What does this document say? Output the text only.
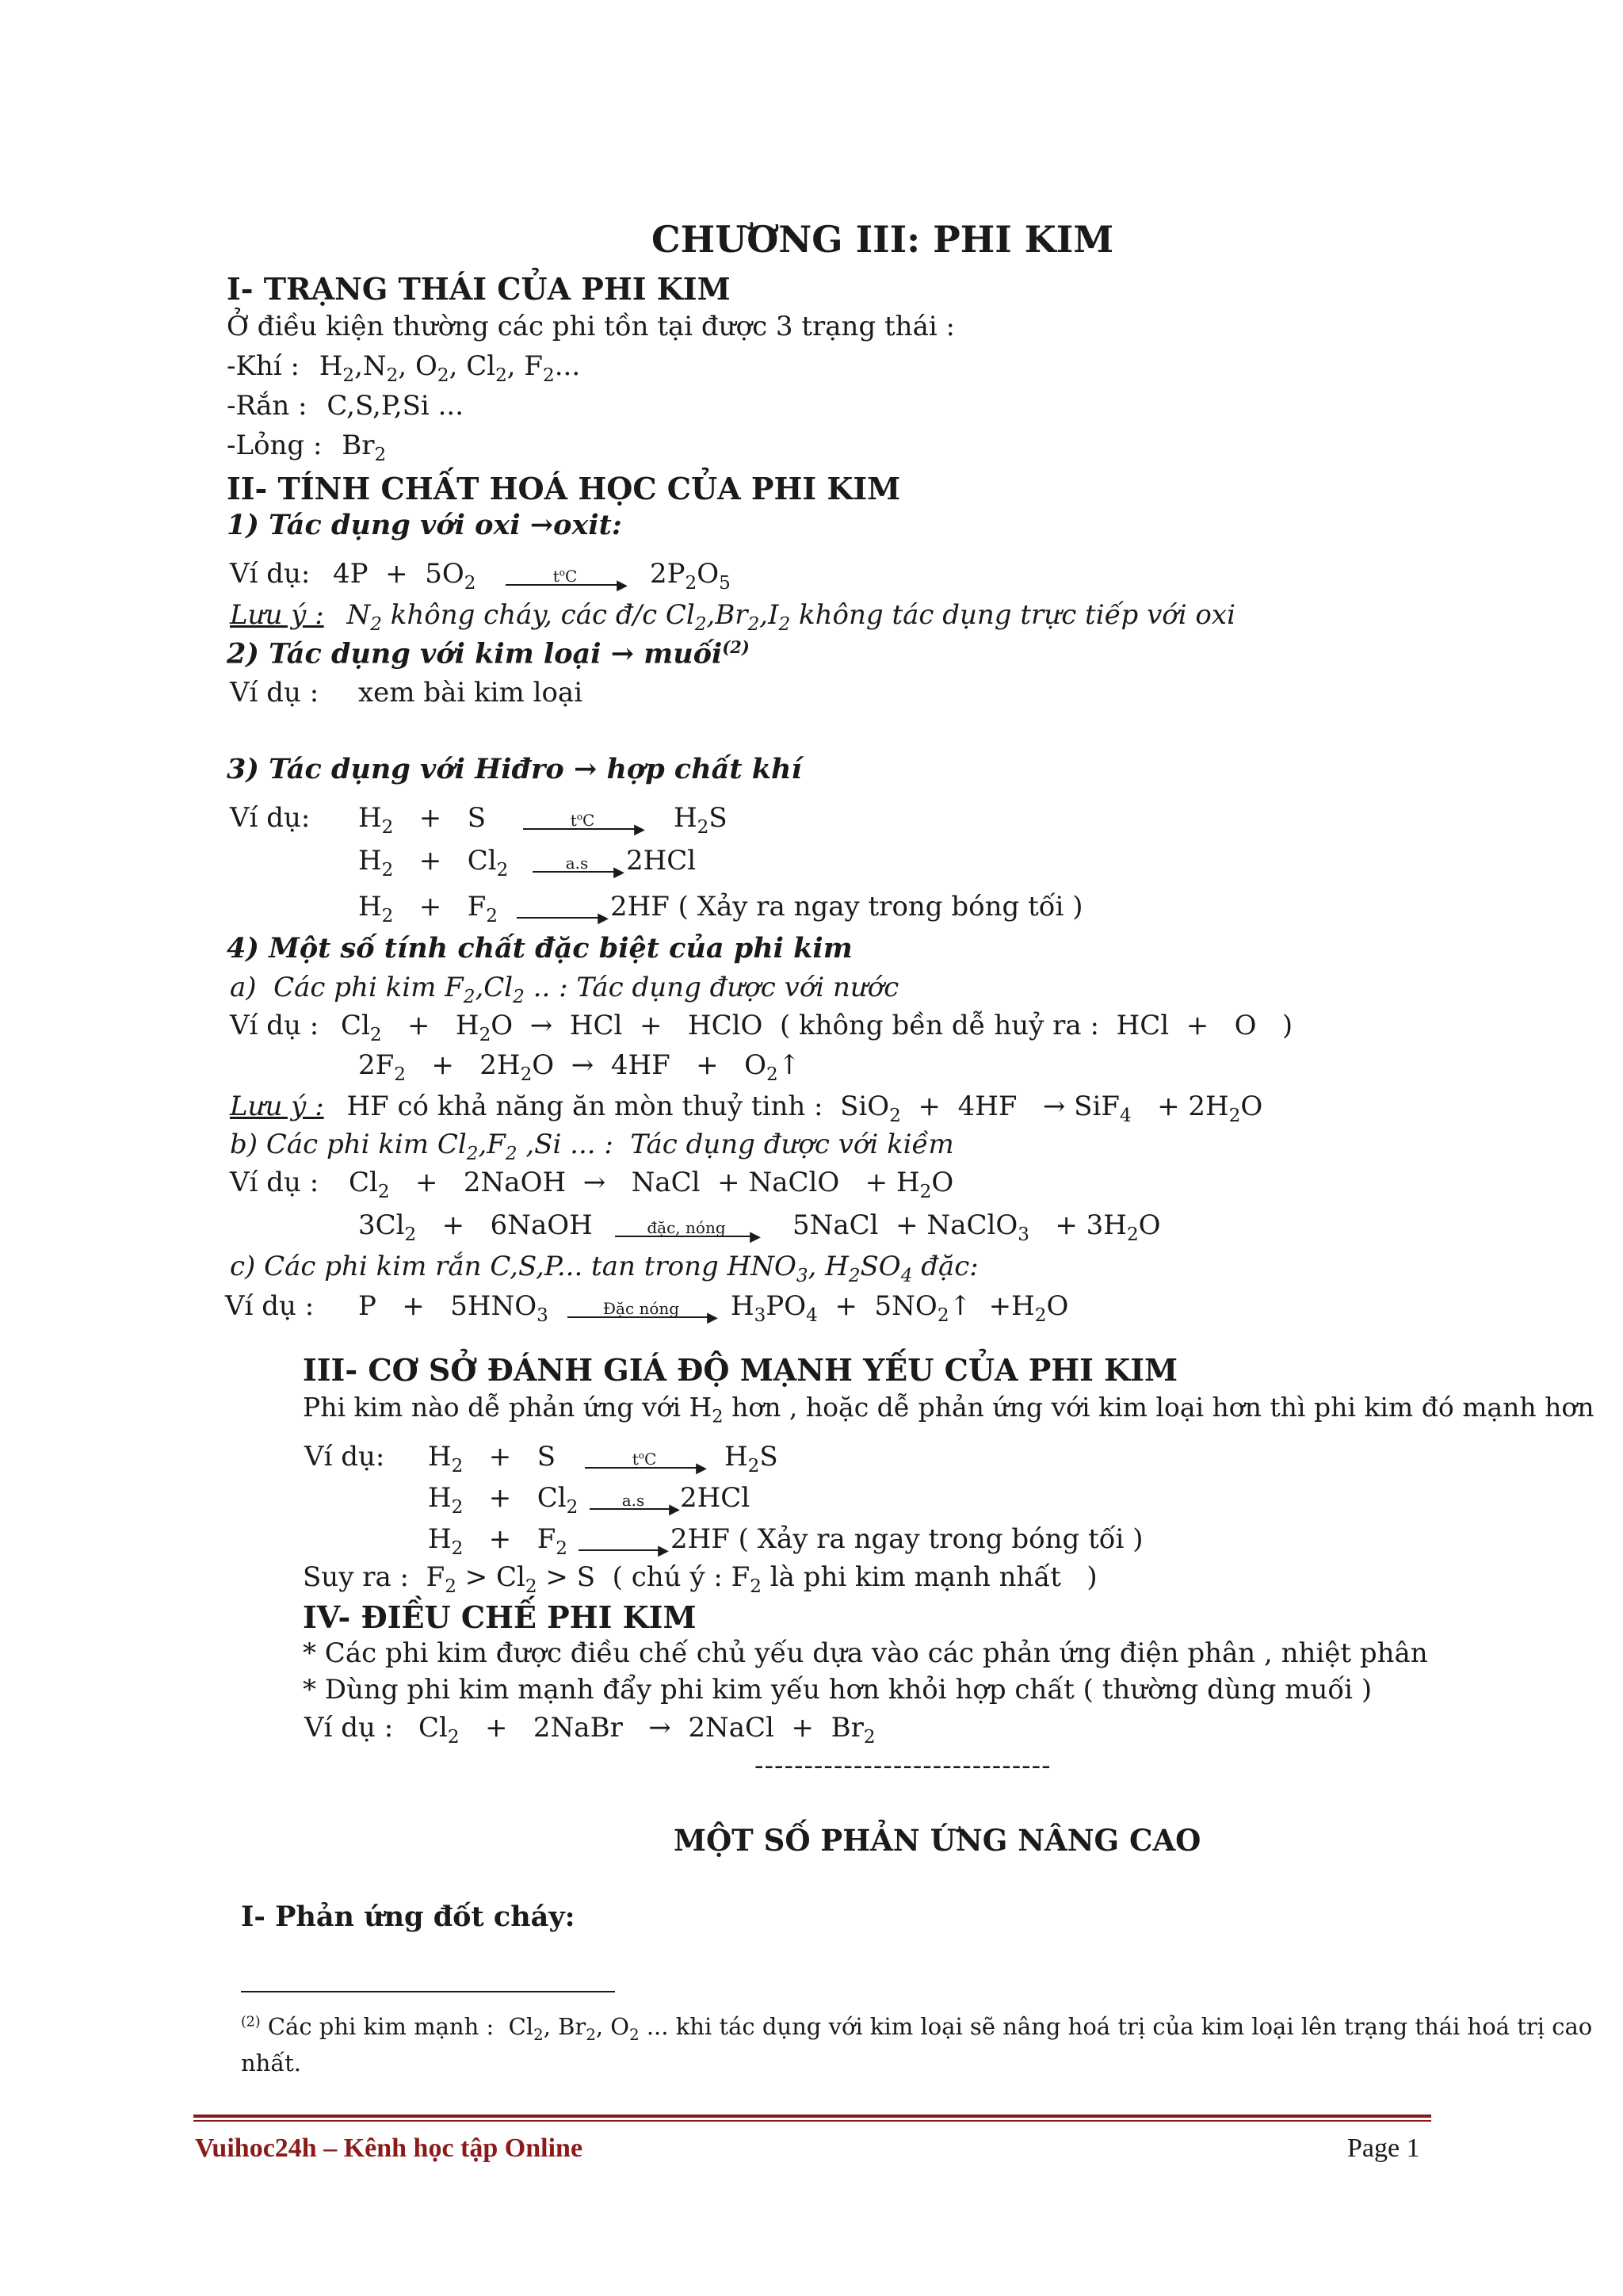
CHƯƠNG III: PHI KIM
I- TRẠNG THÁI CỦA PHI KIM
Ở điều kiện thường các phi tồn tại được 3 trạng thái :
-Khí : $H_2,N_2$, $O_2$, $Cl_2$, $F_2$...
-Rắn : C,S,P,Si ...
-Lỏng : $Br_2$
II- TÍNH CHẤT HOÁ HỌC CỦA PHI KIM
1) Tác dụng với oxi →oxit:
Ví dụ: $4P + 5O_2$	$t^oC$	▶ $2P_2O_5$
Lưu ý : $N_2$ không cháy, các đ/c $Cl_2,Br_2,I_2$ không tác dụng trực tiếp với oxi
2) Tác dụng với kim loại → muối$^{(2)}$
Ví dụ : xem bài kim loại
3) Tác dụng với Hiđro → hợp chất khí
Ví dụ: $H_2 + S$	$t^oC$	▶ $H_2S$
$H_2 + Cl_2$	a.s	▶ 2HCl
$H_2 + F_2$	▶ 2HF ( Xảy ra ngay trong bóng tối )
4) Một số tính chất đặc biệt của phi kim
a)  Các phi kim $F_2,Cl_2$ .. : Tác dụng được với nước
Ví dụ : $Cl_2 + H_2O$  →  HCl  +   HClO  ( không bền dễ huỷ ra :  HCl  +   O   )
$2F_2 + 2H_2O \to 4HF$   +   $O_2↑$
Lưu ý : HF có khả năng ăn mòn thuỷ tinh :  $SiO_2 + 4HF \to SiF_4 + 2H_2O$
b) Các phi kim $Cl_2,F_2$ ,Si ... :  Tác dụng được với kiềm
Ví dụ : $Cl_2$   +   2NaOH  →   NaCl  + NaClO   + $H_2O$
$3Cl_2$   +   6NaOH	đặc, nóng	▶ 5NaCl  + NaClO$_3$   + $3H_2O$
c) Các phi kim rắn C,S,P... tan trong $HNO_3$, $H_2SO_4$ đặc:
Ví dụ : $P + 5HNO_3$	Đặc nóng	▶ $H_3PO_4$  +  $5NO_2↑ +H_2O$
III- CƠ SỞ ĐÁNH GIÁ ĐỘ MẠNH YẾU CỦA PHI KIM
Phi kim nào dễ phản ứng với $H_2$ hơn , hoặc dễ phản ứng với kim loại hơn thì phi kim đó mạnh hơn
Ví dụ: $H_2 + S$	$t^oC$	▶ $H_2S$
$H_2 + Cl_2$	a.s	▶ 2HCl
$H_2 + F_2$	▶ 2HF ( Xảy ra ngay trong bóng tối )
Suy ra :  $F_2 > Cl_2 > S$  ( chú ý : $F_2$ là phi kim mạnh nhất   )
IV- ĐIỀU CHẾ PHI KIM
* Các phi kim được điều chế chủ yếu dựa vào các phản ứng điện phân , nhiệt phân
* Dùng phi kim mạnh đẩy phi kim yếu hơn khỏi hợp chất ( thường dùng muối )
Ví dụ : $Cl_2$   +   2NaBr   →  2NaCl  +  $Br_2$
------------------------------
MỘT SỐ PHẢN ỨNG NÂNG CAO
I- Phản ứng đốt cháy:
$^{(2)}$ Các phi kim mạnh :  $Cl_2$, $Br_2$, $O_2$ ... khi tác dụng với kim loại sẽ nâng hoá trị của kim loại lên trạng thái hoá trị cao
nhất.
Vuihoc24h – Kênh học tập Online	Page 1
